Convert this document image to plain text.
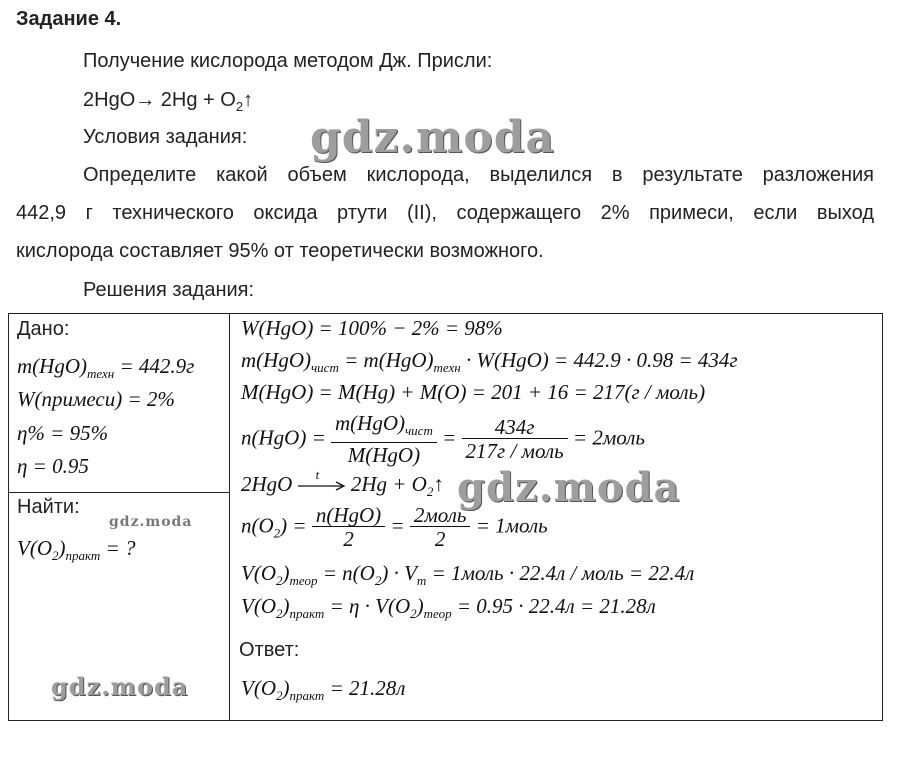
Задание 4.
Получение кислорода методом Дж. Присли:
$2HgO\to 2Hg + O_2↑$
Условия задания:
Определите какой объем кислорода, выделился в результате разложения
442,9 г технического оксида ртути (II), содержащего 2% примеси, если выход
кислорода составляет 95% от теоретически возможного.
Решения задания:
gdz.moda
Дано:
$m(HgO)_{техн} = 442.9г$
W(примеси) = 2%
η% = 95%
η = 0.95
Найти:
gdz.moda
$V(O_2)_{практ}$ = ?
gdz.moda
W(HgO) = 100% − 2% = 98%
$m(HgO)_{чист} = m(HgO)_{техн} \cdot W(HgO) = 442.9 \cdot 0.98 = 434г$
M(HgO) = M(Hg) + M(O) = 201 + 16 = 217(г / моль)
$n(HgO) = \frac{m(HgO)_{чист}}{\text{M(HgO)}} = \frac{434г}{\text{217г / моль}}$ = 2моль
2HgO t $2Hg + O_2↑$ gdz.moda
$n(O_2) = \frac{\text{n(HgO)}}{2} = \frac{\text{2моль}}{2}$ = 1моль
$V(O_2)_{теор} = n(O_2) \cdot V_m$ = 1моль · 22.4л / моль = 22.4л
$V(O_2)_{практ} = \eta \cdot V(O_2)_{теор} = 0.95 \cdot 22.4л = 21.28л$
Ответ:
$V(O_2)_{практ} = 21.28л$
